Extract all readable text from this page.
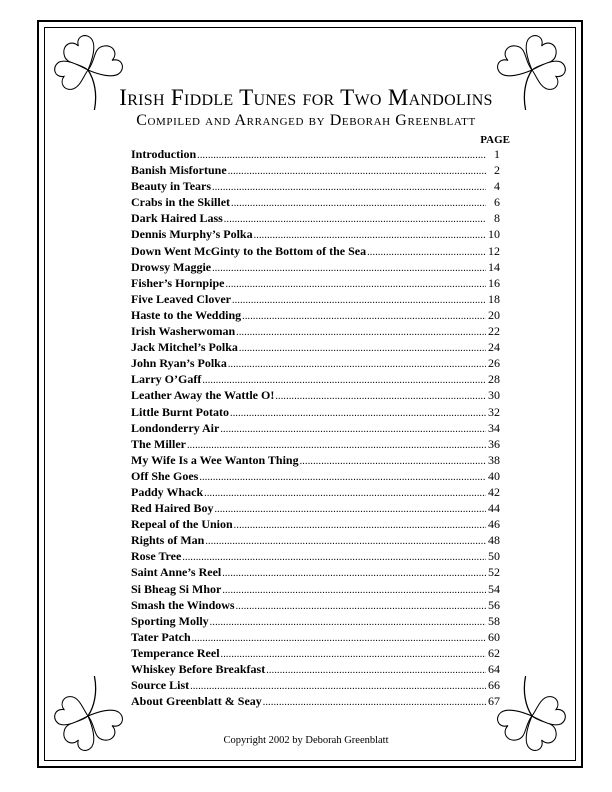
Irish Fiddle Tunes for Two Mandolins
Compiled and Arranged by Deborah Greenblatt
PAGE
Introduction .....	1
Banish Misfortune .....	2
Beauty in Tears .....	4
Crabs in the Skillet .....	6
Dark Haired Lass .....	8
Dennis Murphy’s Polka .....	10
Down Went McGinty to the Bottom of the Sea .....	12
Drowsy Maggie .....	14
Fisher’s Hornpipe .....	16
Five Leaved Clover .....	18
Haste to the Wedding .....	20
Irish Washerwoman .....	22
Jack Mitchel’s Polka .....	24
John Ryan’s Polka .....	26
Larry O’Gaff .....	28
Leather Away the Wattle O! .....	30
Little Burnt Potato .....	32
Londonderry Air .....	34
The Miller .....	36
My Wife Is a Wee Wanton Thing .....	38
Off She Goes .....	40
Paddy Whack .....	42
Red Haired Boy .....	44
Repeal of the Union .....	46
Rights of Man .....	48
Rose Tree .....	50
Saint Anne’s Reel .....	52
Si Bheag Si Mhor .....	54
Smash the Windows .....	56
Sporting Molly .....	58
Tater Patch .....	60
Temperance Reel .....	62
Whiskey Before Breakfast .....	64
Source List .....	66
About Greenblatt & Seay .....	67
Copyright 2002 by Deborah Greenblatt
